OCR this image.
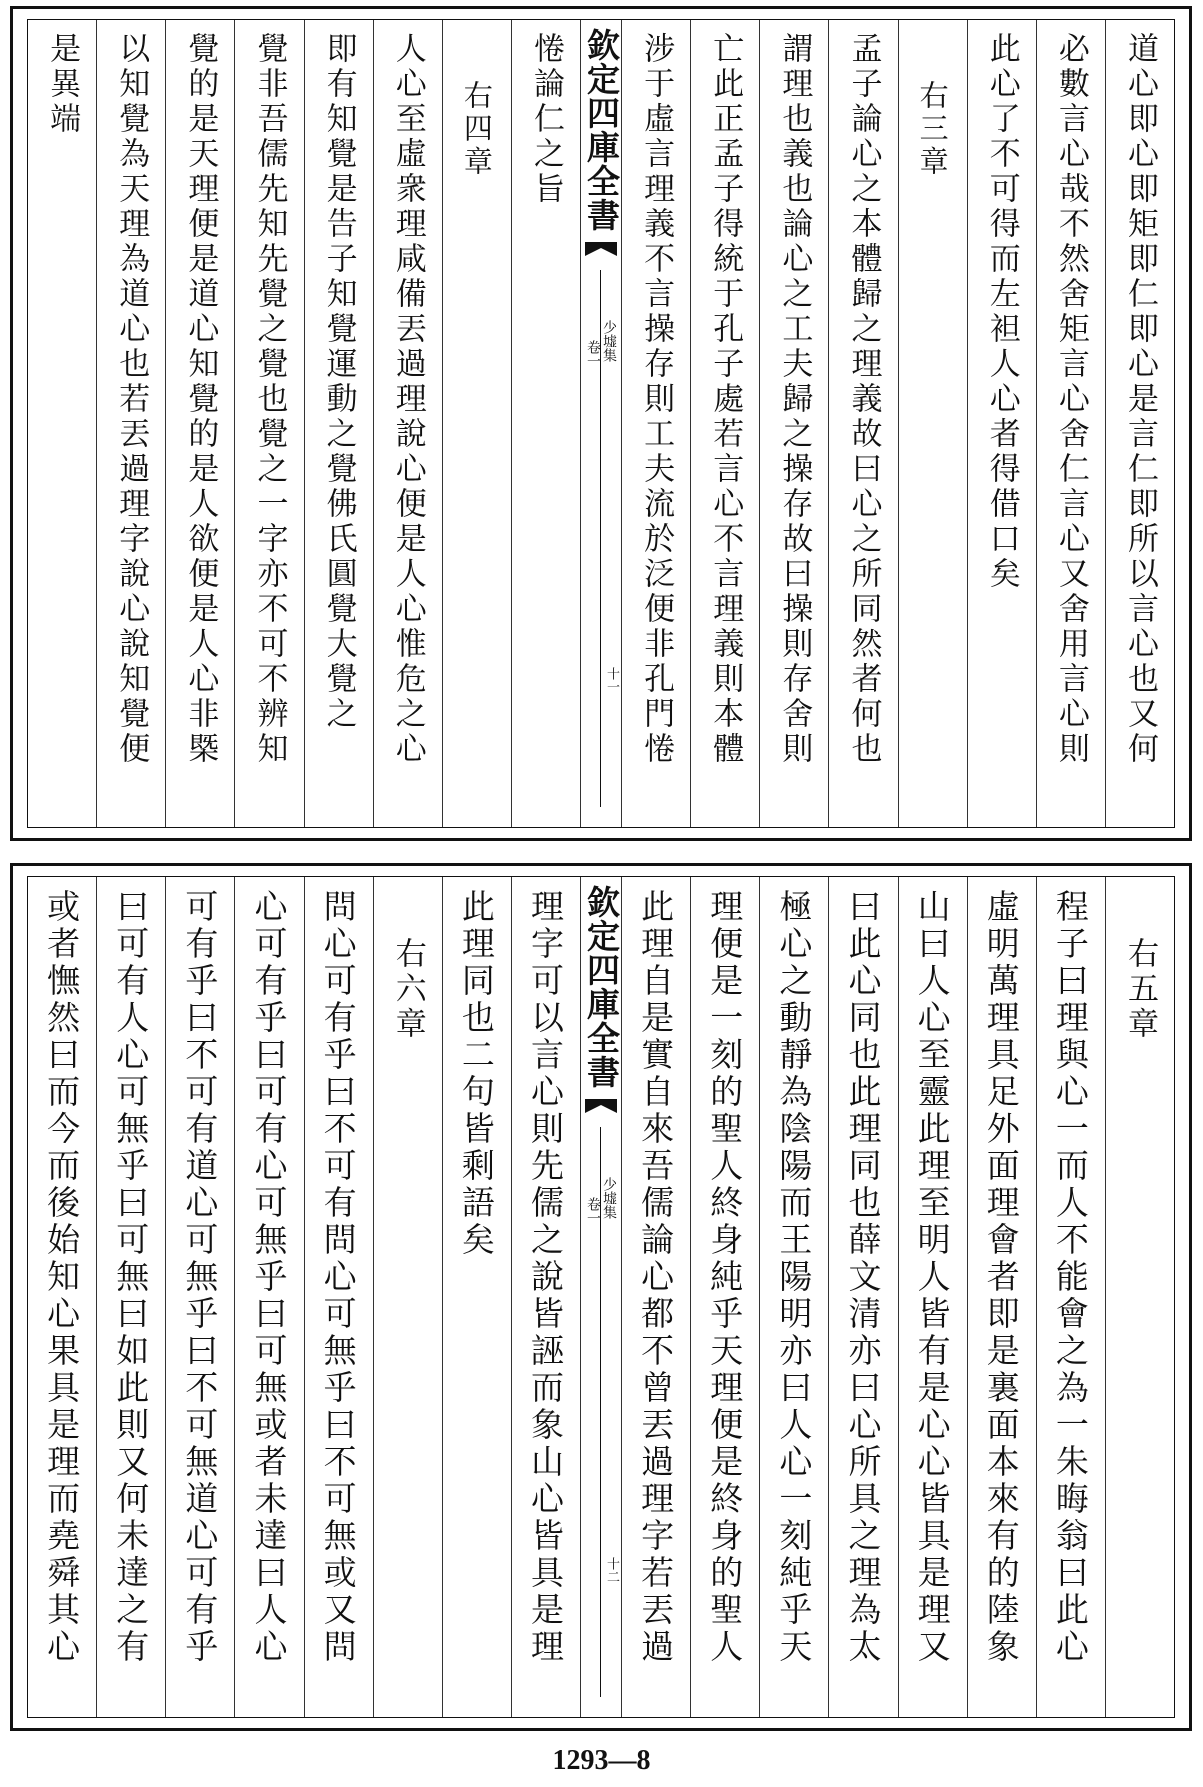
道心即心即矩即仁即心是言仁即所以言心也又何
必數言心哉不然舍矩言心舍仁言心又舍用言心則
此心了不可得而左袒人心者得借口矣
右三章
孟子論心之本體歸之理義故曰心之所同然者何也
謂理也義也論心之工夫歸之操存故曰操則存舍則
亡此正孟子得統于孔子處若言心不言理義則本體
涉于虛言理義不言操存則工夫流於泛便非孔門惓
欽定四庫全書
少墟集
卷一
十一
惓論仁之旨
右四章
人心至虛衆理咸備丟過理說心便是人心惟危之心
即有知覺是告子知覺運動之覺佛氏圓覺大覺之
覺非吾儒先知先覺之覺也覺之一字亦不可不辨知
覺的是天理便是道心知覺的是人欲便是人心非槩
以知覺為天理為道心也若丟過理字說心說知覺便
是異端
右五章
程子曰理與心一而人不能會之為一朱晦翁曰此心
虛明萬理具足外面理會者即是裏面本來有的陸象
山曰人心至靈此理至明人皆有是心心皆具是理又
曰此心同也此理同也薛文清亦曰心所具之理為太
極心之動靜為陰陽而王陽明亦曰人心一刻純乎天
理便是一刻的聖人終身純乎天理便是終身的聖人
此理自是實自來吾儒論心都不曾丟過理字若丟過
欽定四庫全書
少墟集
卷一
十二
理字可以言心則先儒之說皆誣而象山心皆具是理
此理同也二句皆剩語矣
右六章
問心可有乎曰不可有問心可無乎曰不可無或又問
心可有乎曰可有心可無乎曰可無或者未達曰人心
可有乎曰不可有道心可無乎曰不可無道心可有乎
曰可有人心可無乎曰可無曰如此則又何未達之有
或者憮然曰而今而後始知心果具是理而堯舜其心
1293—8
